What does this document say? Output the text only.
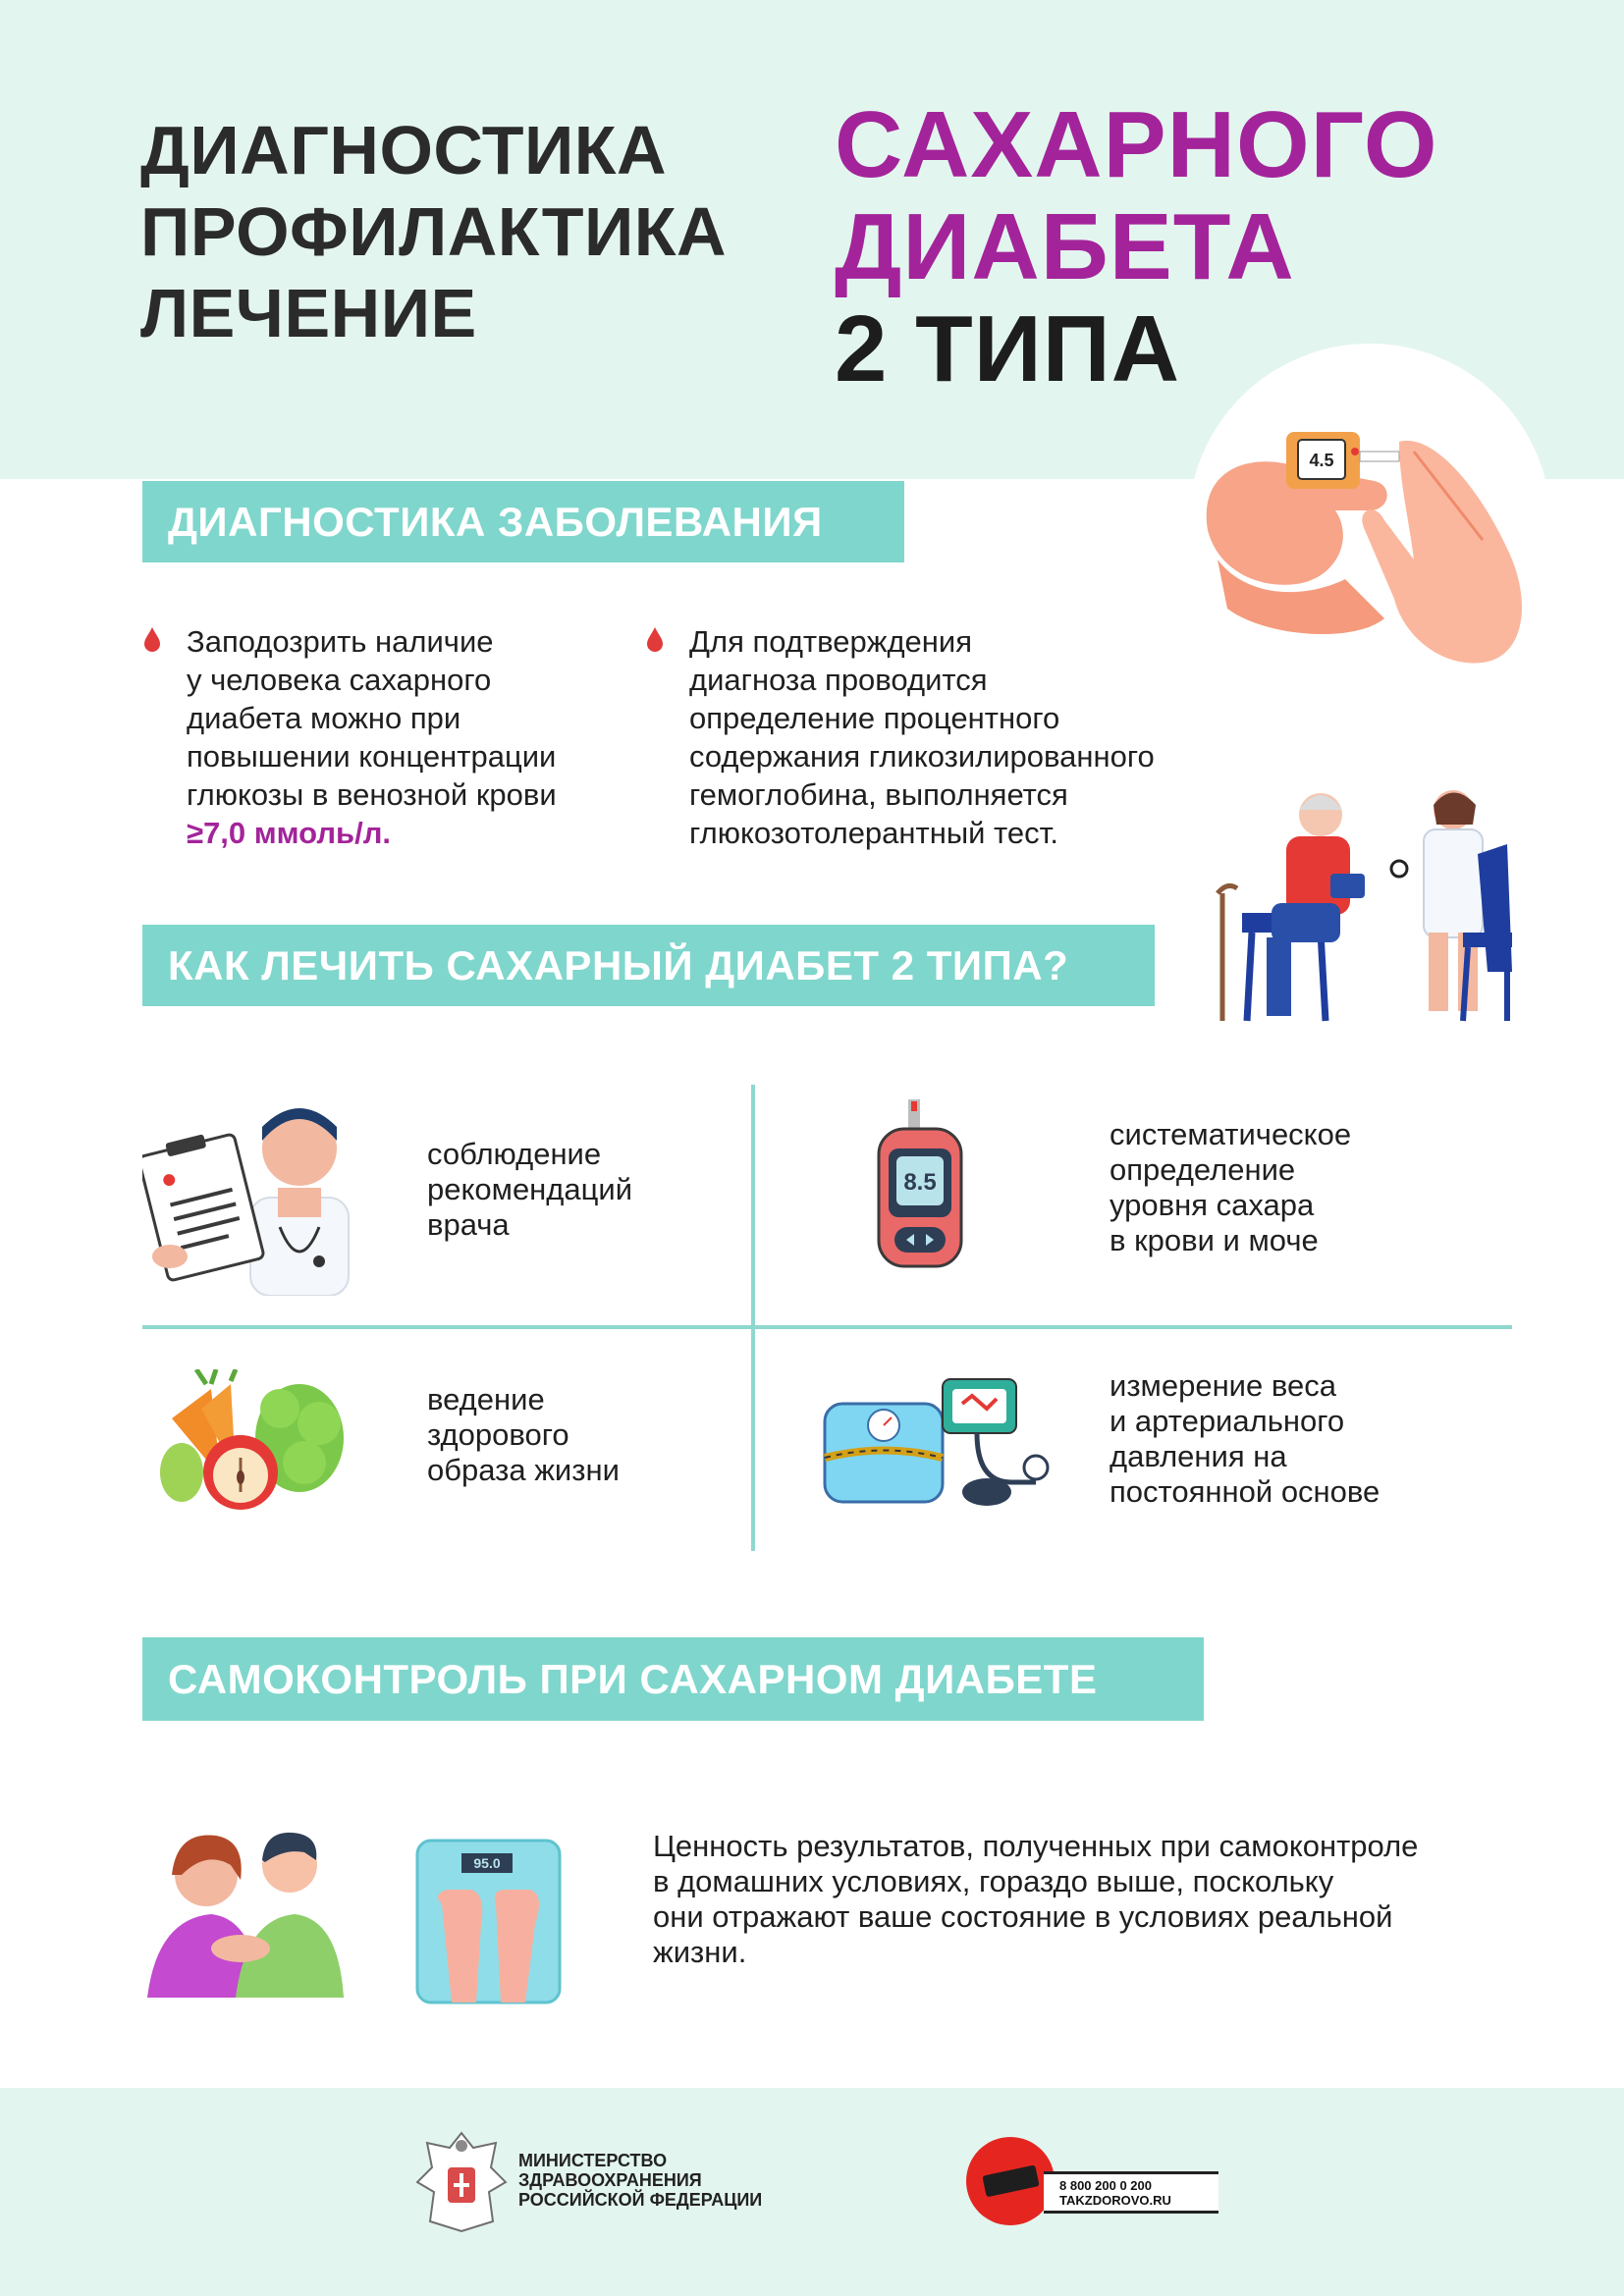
ДИАГНОСТИКА
ПРОФИЛАКТИКА
ЛЕЧЕНИЕ
САХАРНОГО
ДИАБЕТА
2 ТИПА
4.5
ДИАГНОСТИКА ЗАБОЛЕВАНИЯ
Заподозрить наличие
у человека сахарного
диабета можно при
повышении концентрации
глюкозы в венозной крови
≥7,0 ммоль/л.
Для подтверждения
диагноза проводится
определение процентного
содержания гликозилированного
гемоглобина, выполняется
глюкозотолерантный тест.
КАК ЛЕЧИТЬ САХАРНЫЙ ДИАБЕТ 2 ТИПА?
соблюдение
рекомендаций
врача
8.5
систематическое
определение
уровня сахара
в крови и моче
ведение
здорового
образа жизни
измерение веса
и артериального
давления на
постоянной основе
САМОКОНТРОЛЬ ПРИ САХАРНОМ ДИАБЕТЕ
95.0	Ценность результатов, полученных при самоконтроле
в домашних условиях, гораздо выше, поскольку
они отражают ваше состояние в условиях реальной
жизни.
МИНИСТЕРСТВО
ЗДРАВООХРАНЕНИЯ
РОССИЙСКОЙ ФЕДЕРАЦИИ
8 800 200 0 200
TAKZDOROVO.RU
